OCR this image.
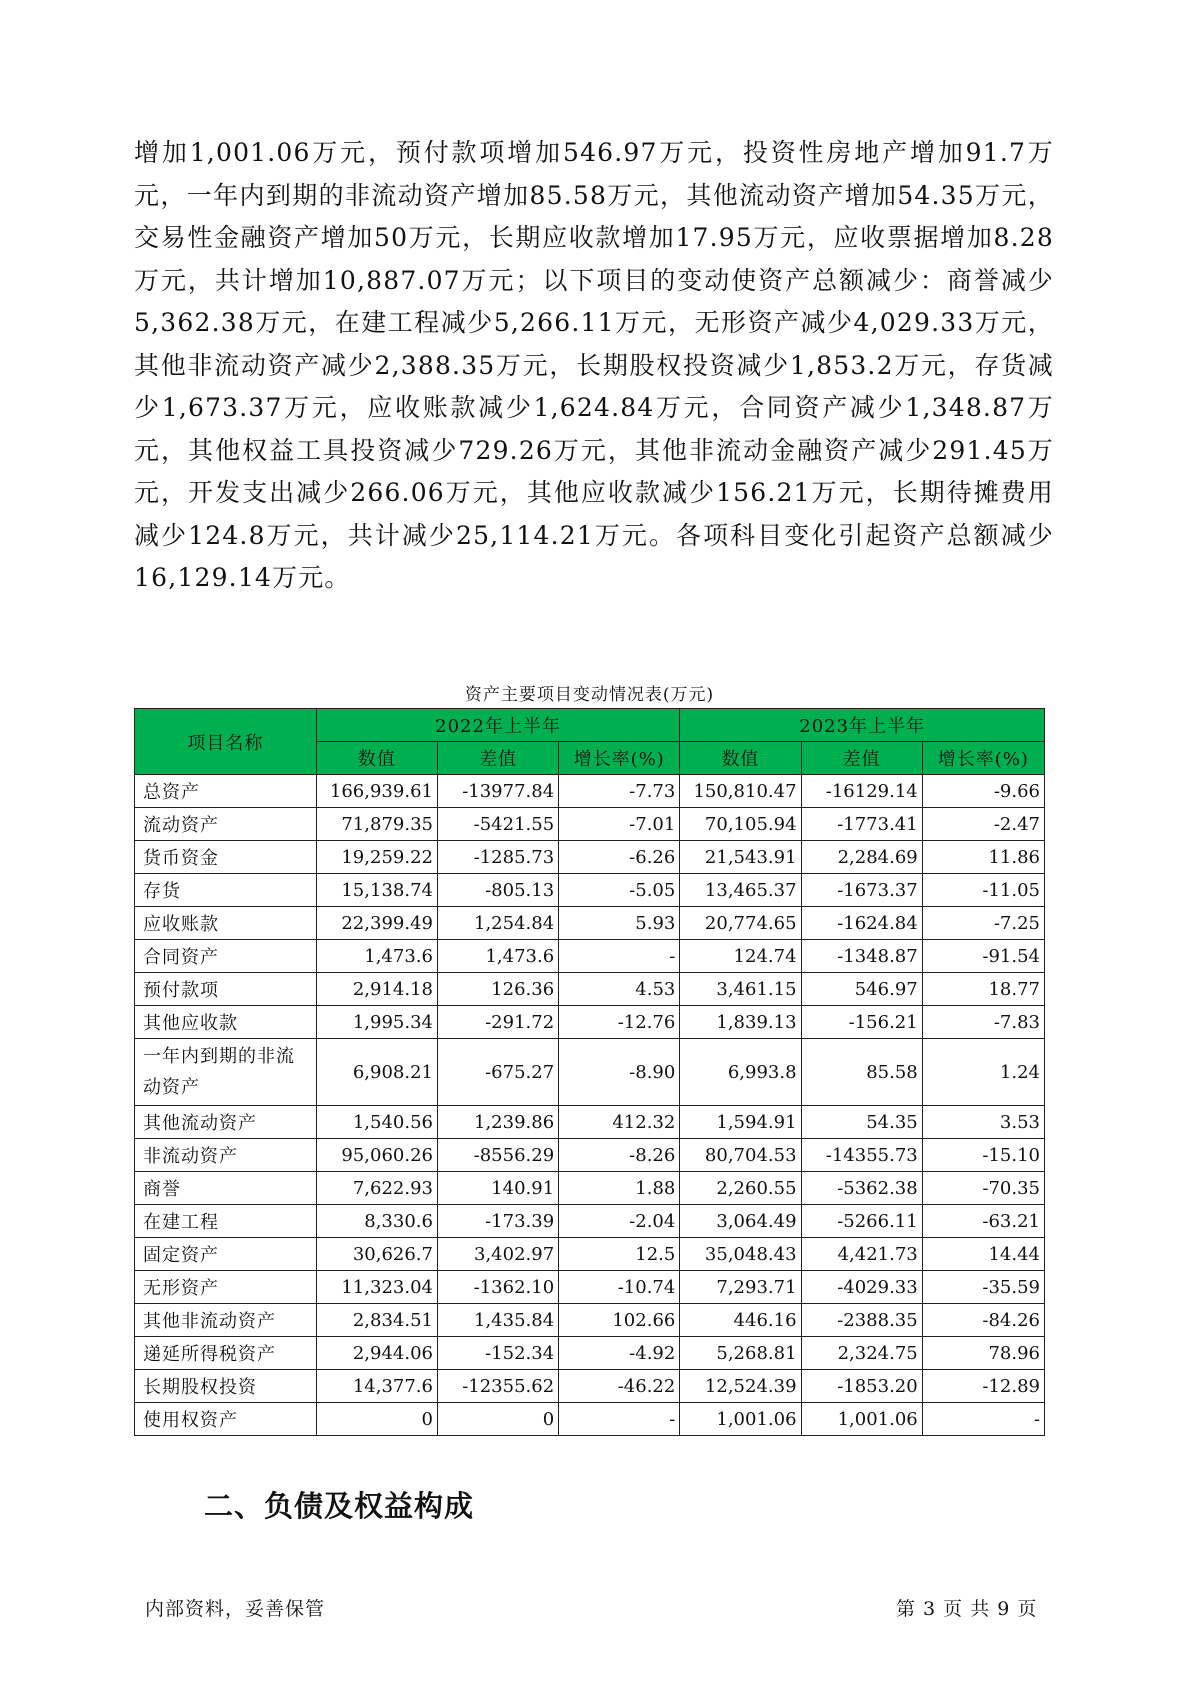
增加1,001.06万元，预付款项增加546.97万元，投资性房地产增加91.7万元，一年内到期的非流动资产增加85.58万元，其他流动资产增加54.35万元，交易性金融资产增加50万元，长期应收款增加17.95万元，应收票据增加8.28万元，共计增加10,887.07万元；以下项目的变动使资产总额减少：商誉减少5,362.38万元，在建工程减少5,266.11万元，无形资产减少4,029.33万元，其他非流动资产减少2,388.35万元，长期股权投资减少1,853.2万元，存货减少1,673.37万元，应收账款减少1,624.84万元，合同资产减少1,348.87万元，其他权益工具投资减少729.26万元，其他非流动金融资产减少291.45万元，开发支出减少266.06万元，其他应收款减少156.21万元，长期待摊费用减少124.8万元，共计减少25,114.21万元。各项科目变化引起资产总额减少16,129.14万元。

资产主要项目变动情况表(万元)
项目名称	2022年上半年			2023年上半年		
	数值	差值	增长率(%)	数值	差值	增长率(%)
总资产	166,939.61	-13977.84	-7.73	150,810.47	-16129.14	-9.66
流动资产	71,879.35	-5421.55	-7.01	70,105.94	-1773.41	-2.47
货币资金	19,259.22	-1285.73	-6.26	21,543.91	2,284.69	11.86
存货	15,138.74	-805.13	-5.05	13,465.37	-1673.37	-11.05
应收账款	22,399.49	1,254.84	5.93	20,774.65	-1624.84	-7.25
合同资产	1,473.6	1,473.6	-	124.74	-1348.87	-91.54
预付款项	2,914.18	126.36	4.53	3,461.15	546.97	18.77
其他应收款	1,995.34	-291.72	-12.76	1,839.13	-156.21	-7.83
一年内到期的非流动资产	6,908.21	-675.27	-8.90	6,993.8	85.58	1.24
其他流动资产	1,540.56	1,239.86	412.32	1,594.91	54.35	3.53
非流动资产	95,060.26	-8556.29	-8.26	80,704.53	-14355.73	-15.10
商誉	7,622.93	140.91	1.88	2,260.55	-5362.38	-70.35
在建工程	8,330.6	-173.39	-2.04	3,064.49	-5266.11	-63.21
固定资产	30,626.7	3,402.97	12.5	35,048.43	4,421.73	14.44
无形资产	11,323.04	-1362.10	-10.74	7,293.71	-4029.33	-35.59
其他非流动资产	2,834.51	1,435.84	102.66	446.16	-2388.35	-84.26
递延所得税资产	2,944.06	-152.34	-4.92	5,268.81	2,324.75	78.96
长期股权投资	14,377.6	-12355.62	-46.22	12,524.39	-1853.20	-12.89
使用权资产	0	0	-	1,001.06	1,001.06	-
二、负债及权益构成
内部资料，妥善保管	第 3 页 共 9 页
